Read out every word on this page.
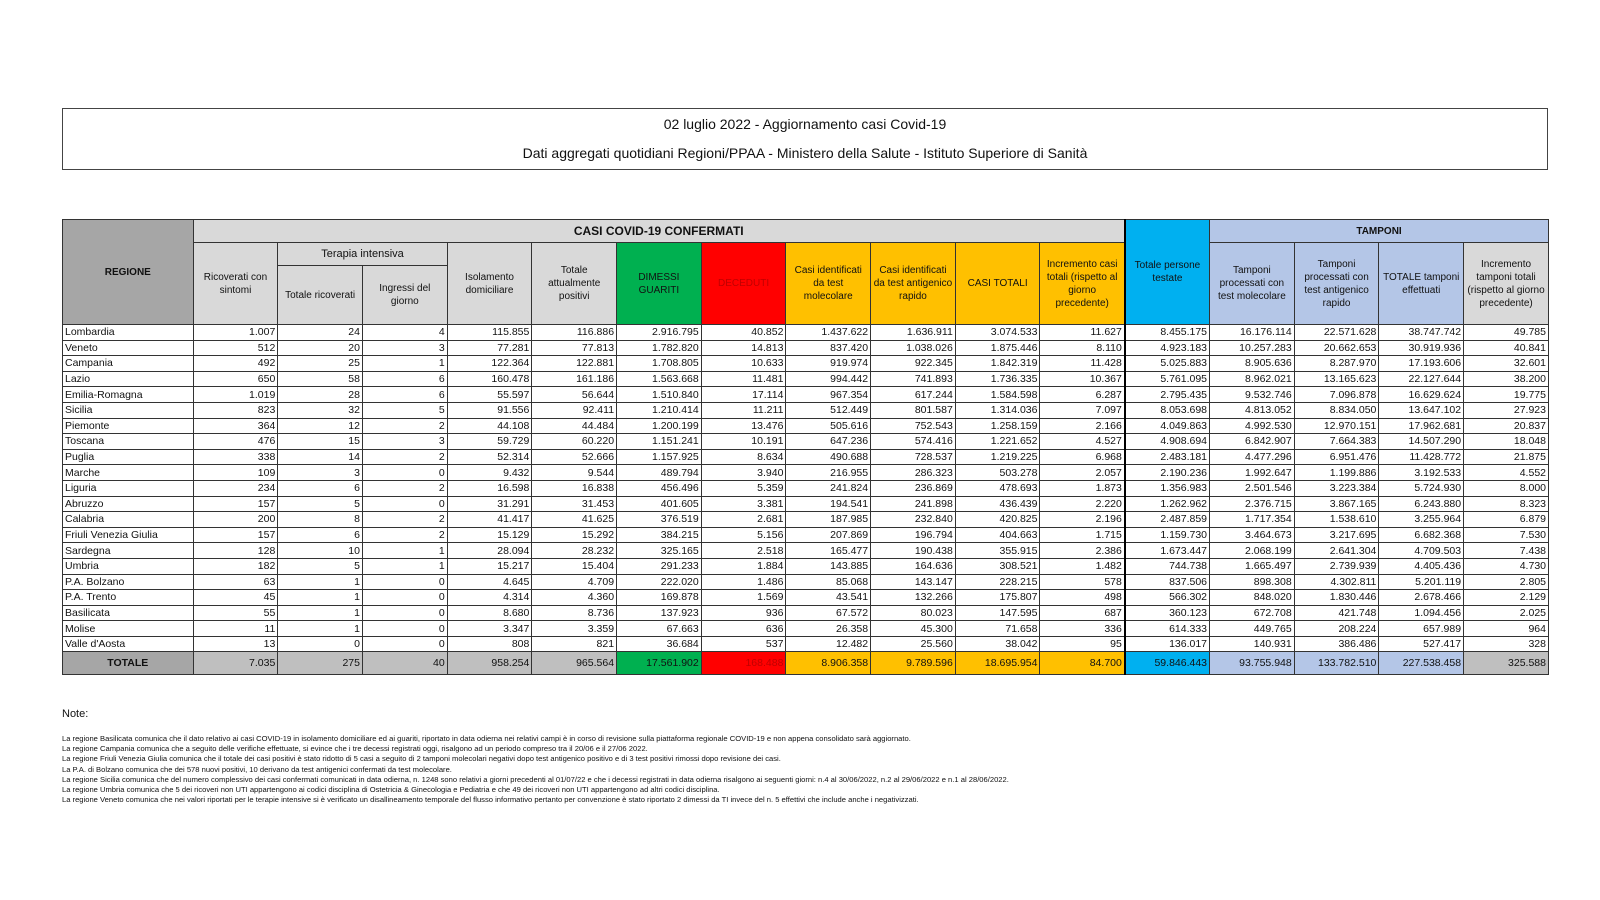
02 luglio 2022 - Aggiornamento casi Covid-19
Dati aggregati quotidiani Regioni/PPAA - Ministero della Salute - Istituto Superiore di Sanità
REGIONE	CASI COVID-19 CONFERMATI											Totale persone testate	TAMPONI			
	Ricoverati con sintomi	Terapia intensiva		Isolamento domiciliare	Totale attualmente positivi	DIMESSI GUARITI	DECEDUTI	Casi identificati da test molecolare	Casi identificati da test antigenico rapido	CASI TOTALI	Incremento casi totali (rispetto al giorno precedente)		Tamponi processati con test molecolare	Tamponi processati con test antigenico rapido	TOTALE tamponi effettuati	Incremento tamponi totali (rispetto al giorno precedente)
		Totale ricoverati	Ingressi del giorno													
Lombardia	1.007	24	4	115.855	116.886	2.916.795	40.852	1.437.622	1.636.911	3.074.533	11.627	8.455.175	16.176.114	22.571.628	38.747.742	49.785
Veneto	512	20	3	77.281	77.813	1.782.820	14.813	837.420	1.038.026	1.875.446	8.110	4.923.183	10.257.283	20.662.653	30.919.936	40.841
Campania	492	25	1	122.364	122.881	1.708.805	10.633	919.974	922.345	1.842.319	11.428	5.025.883	8.905.636	8.287.970	17.193.606	32.601
Lazio	650	58	6	160.478	161.186	1.563.668	11.481	994.442	741.893	1.736.335	10.367	5.761.095	8.962.021	13.165.623	22.127.644	38.200
Emilia-Romagna	1.019	28	6	55.597	56.644	1.510.840	17.114	967.354	617.244	1.584.598	6.287	2.795.435	9.532.746	7.096.878	16.629.624	19.775
Sicilia	823	32	5	91.556	92.411	1.210.414	11.211	512.449	801.587	1.314.036	7.097	8.053.698	4.813.052	8.834.050	13.647.102	27.923
Piemonte	364	12	2	44.108	44.484	1.200.199	13.476	505.616	752.543	1.258.159	2.166	4.049.863	4.992.530	12.970.151	17.962.681	20.837
Toscana	476	15	3	59.729	60.220	1.151.241	10.191	647.236	574.416	1.221.652	4.527	4.908.694	6.842.907	7.664.383	14.507.290	18.048
Puglia	338	14	2	52.314	52.666	1.157.925	8.634	490.688	728.537	1.219.225	6.968	2.483.181	4.477.296	6.951.476	11.428.772	21.875
Marche	109	3	0	9.432	9.544	489.794	3.940	216.955	286.323	503.278	2.057	2.190.236	1.992.647	1.199.886	3.192.533	4.552
Liguria	234	6	2	16.598	16.838	456.496	5.359	241.824	236.869	478.693	1.873	1.356.983	2.501.546	3.223.384	5.724.930	8.000
Abruzzo	157	5	0	31.291	31.453	401.605	3.381	194.541	241.898	436.439	2.220	1.262.962	2.376.715	3.867.165	6.243.880	8.323
Calabria	200	8	2	41.417	41.625	376.519	2.681	187.985	232.840	420.825	2.196	2.487.859	1.717.354	1.538.610	3.255.964	6.879
Friuli Venezia Giulia	157	6	2	15.129	15.292	384.215	5.156	207.869	196.794	404.663	1.715	1.159.730	3.464.673	3.217.695	6.682.368	7.530
Sardegna	128	10	1	28.094	28.232	325.165	2.518	165.477	190.438	355.915	2.386	1.673.447	2.068.199	2.641.304	4.709.503	7.438
Umbria	182	5	1	15.217	15.404	291.233	1.884	143.885	164.636	308.521	1.482	744.738	1.665.497	2.739.939	4.405.436	4.730
P.A. Bolzano	63	1	0	4.645	4.709	222.020	1.486	85.068	143.147	228.215	578	837.506	898.308	4.302.811	5.201.119	2.805
P.A. Trento	45	1	0	4.314	4.360	169.878	1.569	43.541	132.266	175.807	498	566.302	848.020	1.830.446	2.678.466	2.129
Basilicata	55	1	0	8.680	8.736	137.923	936	67.572	80.023	147.595	687	360.123	672.708	421.748	1.094.456	2.025
Molise	11	1	0	3.347	3.359	67.663	636	26.358	45.300	71.658	336	614.333	449.765	208.224	657.989	964
Valle d'Aosta	13	0	0	808	821	36.684	537	12.482	25.560	38.042	95	136.017	140.931	386.486	527.417	328
TOTALE	7.035	275	40	958.254	965.564	17.561.902	168.488	8.906.358	9.789.596	18.695.954	84.700	59.846.443	93.755.948	133.782.510	227.538.458	325.588
Note:
La regione Basilicata comunica che il dato relativo ai casi COVID-19 in isolamento domiciliare ed ai guariti, riportato in data odierna nei relativi campi è in corso di revisione sulla piattaforma regionale COVID-19 e non appena consolidato sarà aggiornato.
La regione Campania comunica che a seguito delle verifiche effettuate, si evince che i tre decessi registrati oggi, risalgono ad un periodo compreso tra il 20/06 e il 27/06 2022.
La regione Friuli Venezia Giulia comunica che il totale dei casi positivi è stato ridotto di 5 casi a seguito di 2 tamponi molecolari negativi dopo test antigenico positivo e di 3 test positivi rimossi dopo revisione dei casi.
La P.A. di Bolzano comunica che dei 578 nuovi positivi, 10 derivano da test antigenici confermati da test molecolare.
La regione Sicilia comunica che del numero complessivo dei casi confermati comunicati in data odierna, n. 1248 sono relativi a giorni precedenti al 01/07/22 e che i decessi registrati in data odierna risalgono ai seguenti giorni: n.4 al 30/06/2022, n.2 al 29/06/2022 e n.1 al 28/06/2022.
La regione Umbria comunica che 5 dei ricoveri non UTI appartengono ai codici disciplina di Ostetricia & Ginecologia e Pediatria e che 49 dei ricoveri non UTI appartengono ad altri codici disciplina.
La regione Veneto comunica che nei valori riportati per le terapie intensive si è verificato un disallineamento temporale del flusso informativo pertanto per convenzione è stato riportato 2 dimessi da TI invece del n. 5 effettivi che include anche i negativizzati.
